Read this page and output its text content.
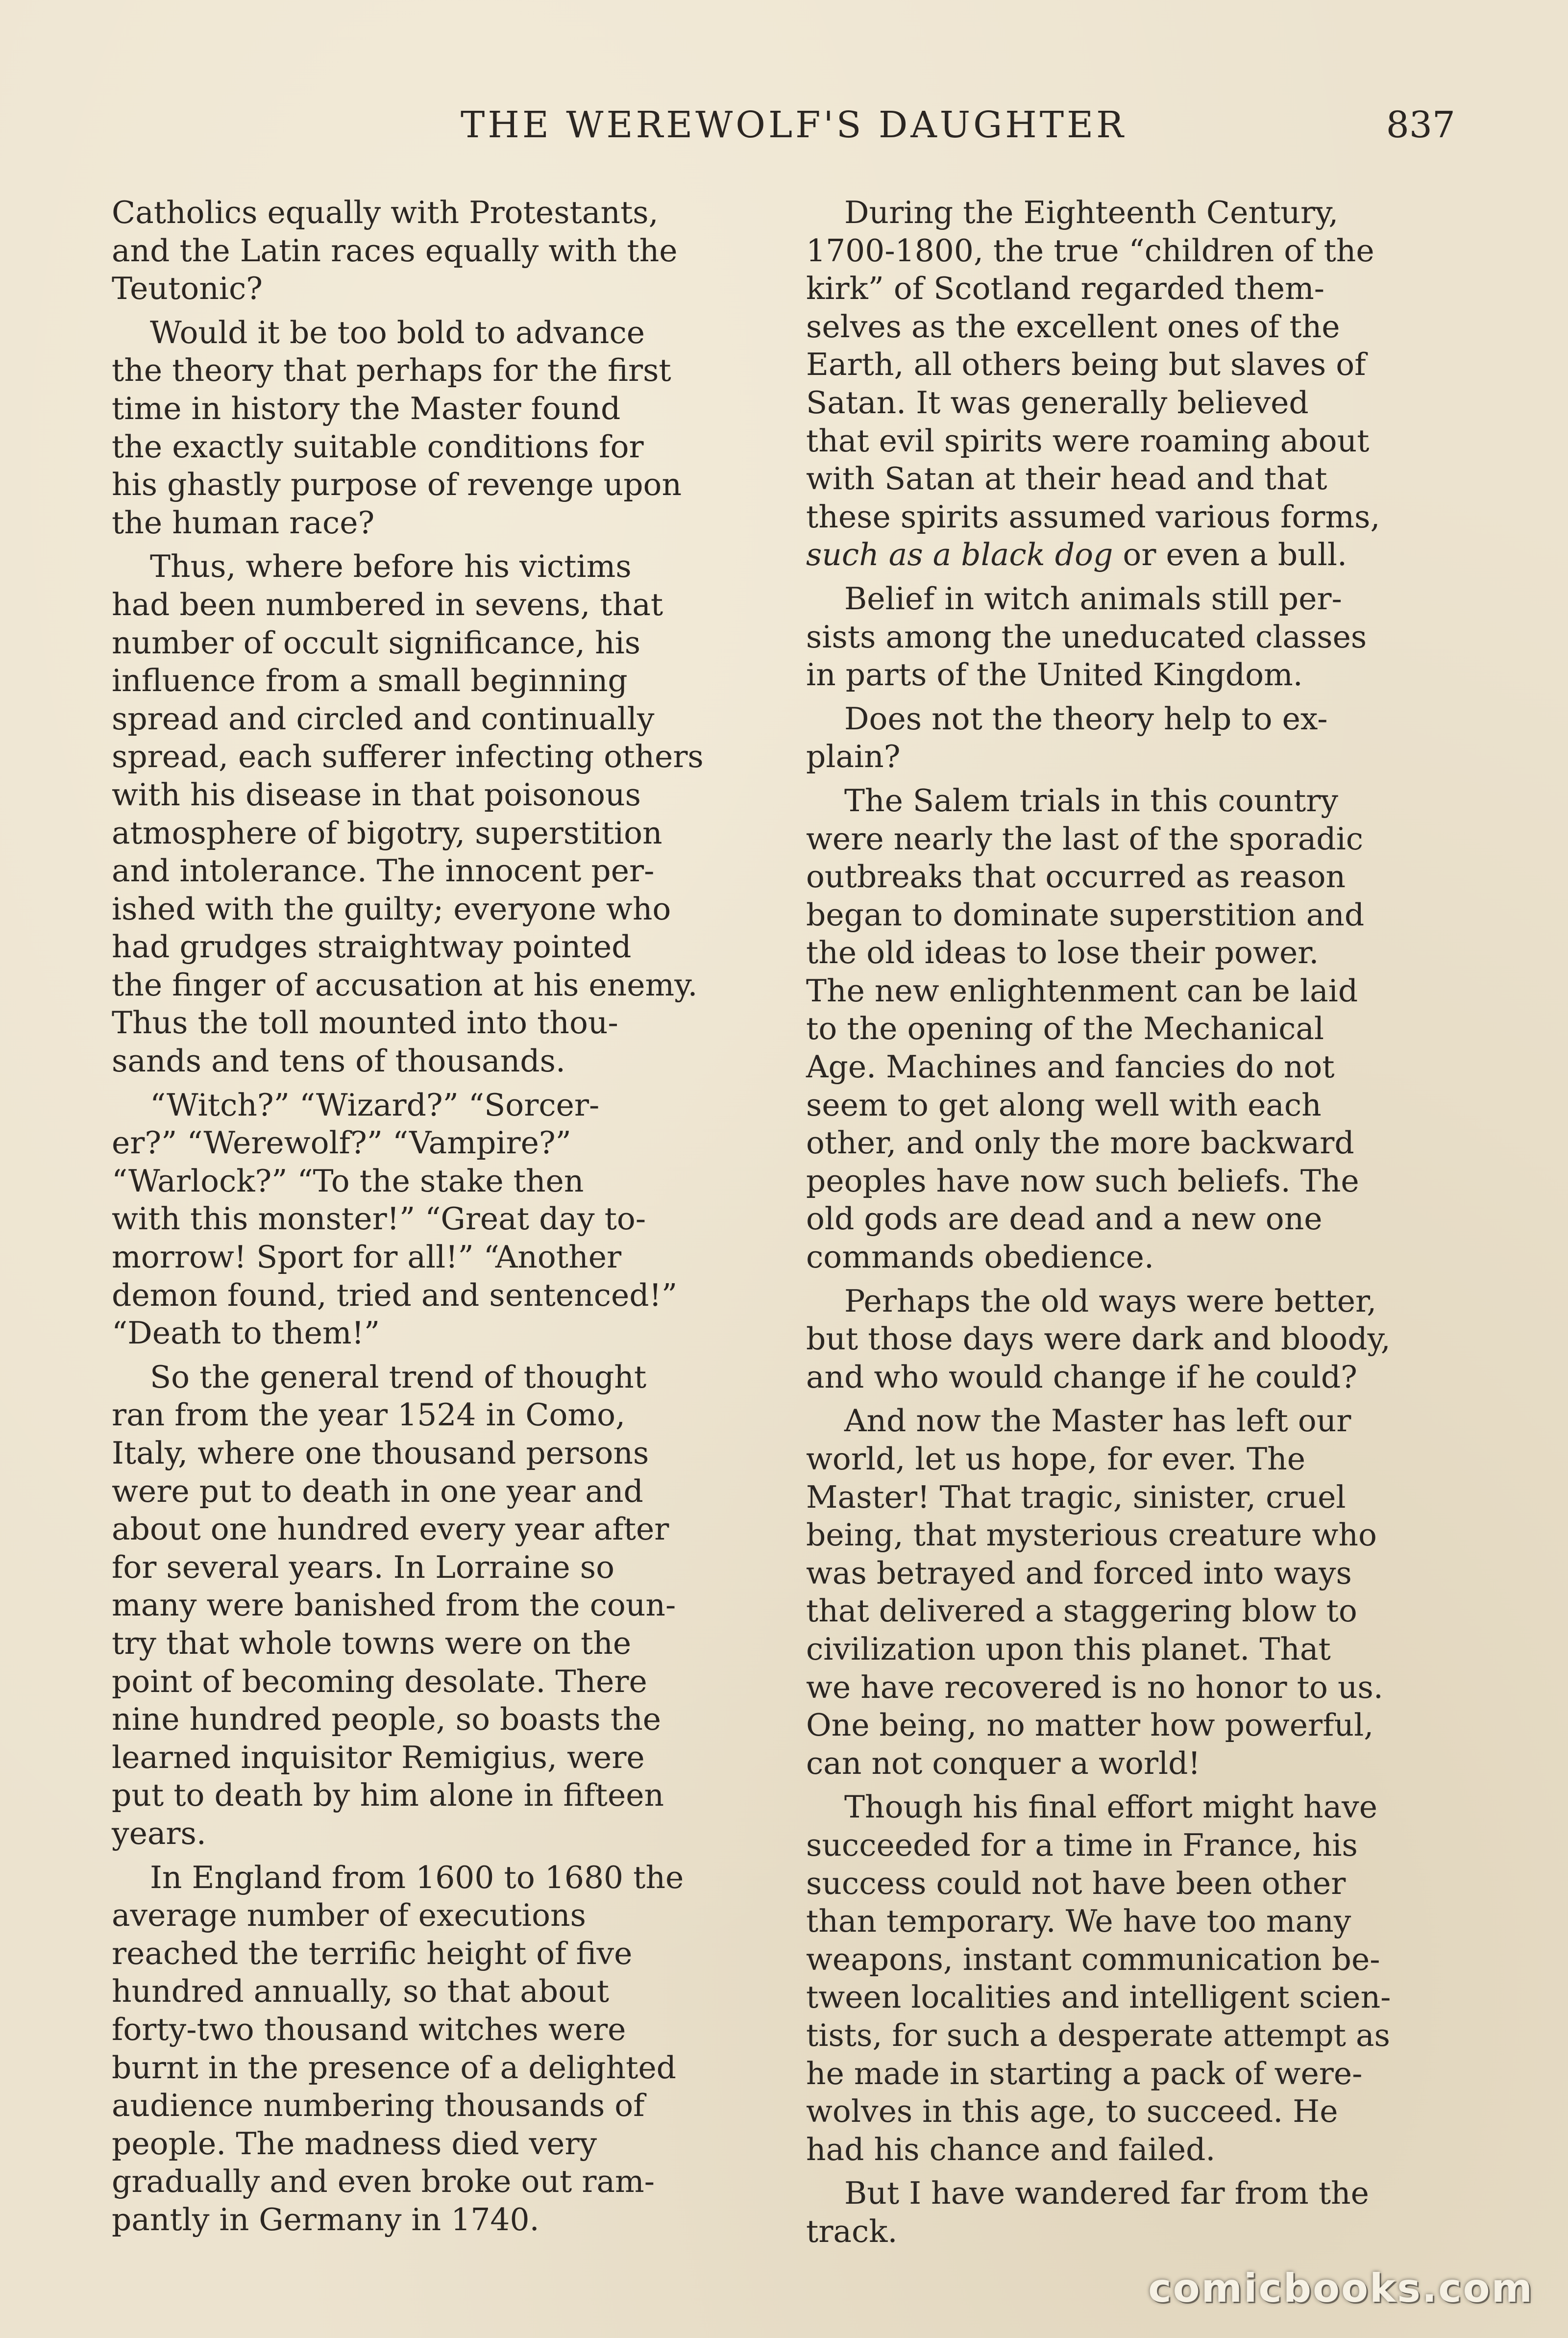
THE WEREWOLF'S DAUGHTER	837

Catholics equally with Protestants,
and the Latin races equally with the
Teutonic?

Would it be too bold to advance
the theory that perhaps for the first
time in history the Master found
the exactly suitable conditions for
his ghastly purpose of revenge upon
the human race?

Thus, where before his victims
had been numbered in sevens, that
number of occult significance, his
influence from a small beginning
spread and circled and continually
spread, each sufferer infecting others
with his disease in that poisonous
atmosphere of bigotry, superstition
and intolerance. The innocent per-
ished with the guilty; everyone who
had grudges straightway pointed
the finger of accusation at his enemy.
Thus the toll mounted into thou-
sands and tens of thousands.

“Witch?” “Wizard?” “Sorcer-
er?” “Werewolf?” “Vampire?”
“Warlock?” “To the stake then
with this monster!” “Great day to-
morrow! Sport for all!” “Another
demon found, tried and sentenced!”
“Death to them!”

So the general trend of thought
ran from the year 1524 in Como,
Italy, where one thousand persons
were put to death in one year and
about one hundred every year after
for several years. In Lorraine so
many were banished from the coun-
try that whole towns were on the
point of becoming desolate. There
nine hundred people, so boasts the
learned inquisitor Remigius, were
put to death by him alone in fifteen
years.

In England from 1600 to 1680 the
average number of executions
reached the terrific height of five
hundred annually, so that about
forty-two thousand witches were
burnt in the presence of a delighted
audience numbering thousands of
people. The madness died very
gradually and even broke out ram-
pantly in Germany in 1740.

During the Eighteenth Century,
1700-1800, the true “children of the
kirk” of Scotland regarded them-
selves as the excellent ones of the
Earth, all others being but slaves of
Satan. It was generally believed
that evil spirits were roaming about
with Satan at their head and that
these spirits assumed various forms,
such as a black dog or even a bull.

Belief in witch animals still per-
sists among the uneducated classes
in parts of the United Kingdom.

Does not the theory help to ex-
plain?

The Salem trials in this country
were nearly the last of the sporadic
outbreaks that occurred as reason
began to dominate superstition and
the old ideas to lose their power.
The new enlightenment can be laid
to the opening of the Mechanical
Age. Machines and fancies do not
seem to get along well with each
other, and only the more backward
peoples have now such beliefs. The
old gods are dead and a new one
commands obedience.

Perhaps the old ways were better,
but those days were dark and bloody,
and who would change if he could?

And now the Master has left our
world, let us hope, for ever. The
Master! That tragic, sinister, cruel
being, that mysterious creature who
was betrayed and forced into ways
that delivered a staggering blow to
civilization upon this planet. That
we have recovered is no honor to us.
One being, no matter how powerful,
can not conquer a world!

Though his final effort might have
succeeded for a time in France, his
success could not have been other
than temporary. We have too many
weapons, instant communication be-
tween localities and intelligent scien-
tists, for such a desperate attempt as
he made in starting a pack of were-
wolves in this age, to succeed. He
had his chance and failed.

But I have wandered far from the
track.

comicbooks.com
